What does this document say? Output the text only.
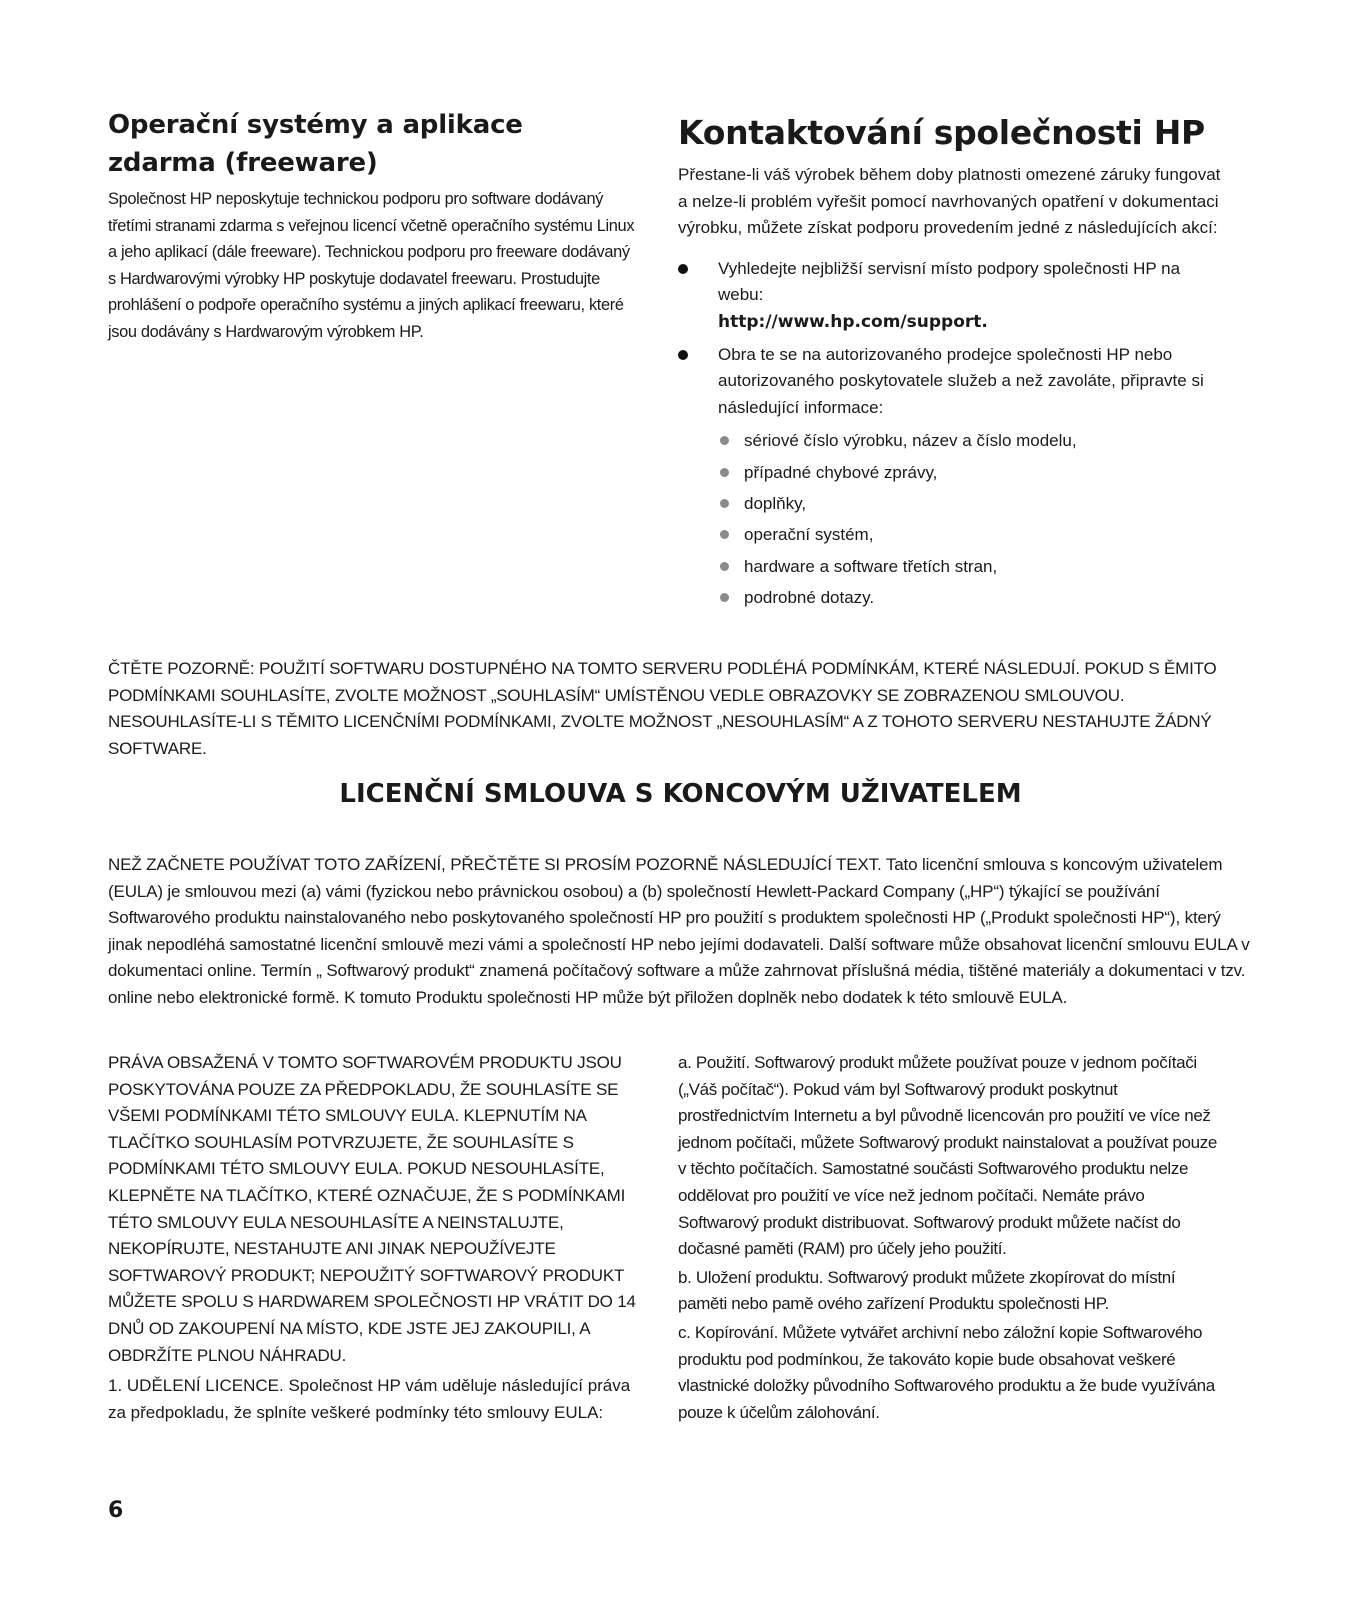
Operační systémy a aplikace zdarma (freeware)

Společnost HP neposkytuje technickou podporu pro software dodávaný třetími stranami zdarma s veřejnou licencí včetně operačního systému Linux a jeho aplikací (dále freeware). Technickou podporu pro freeware dodávaný s Hardwarovými výrobky HP poskytuje dodavatel freewaru. Prostudujte prohlášení o podpoře operačního systému a jiných aplikací freewaru, které jsou dodávány s Hardwarovým výrobkem HP.

Kontaktování společnosti HP

Přestane-li váš výrobek během doby platnosti omezené záruky fungovat a nelze-li problém vyřešit pomocí navrhovaných opatření v dokumentaci výrobku, můžete získat podporu provedením jedné z následujících akcí:

Vyhledejte nejbližší servisní místo podpory společnosti HP na webu:
http://www.hp.com/support.
Obra te se na autorizovaného prodejce společnosti HP nebo autorizovaného poskytovatele služeb a než zavoláte, připravte si následující informace:
sériové číslo výrobku, název a číslo modelu,
případné chybové zprávy,
doplňky,
operační systém,
hardware a software třetích stran,
podrobné dotazy.

ČTĚTE POZORNĚ: POUŽITÍ SOFTWARU DOSTUPNÉHO NA TOMTO SERVERU PODLÉHÁ PODMÍNKÁM, KTERÉ NÁSLEDUJÍ. POKUD S ĚMITO PODMÍNKAMI SOUHLASÍTE, ZVOLTE MOŽNOST „SOUHLASÍM“ UMÍSTĚNOU VEDLE OBRAZOVKY SE ZOBRAZENOU SMLOUVOU. NESOUHLASÍTE-LI S TĚMITO LICENČNÍMI PODMÍNKAMI, ZVOLTE MOŽNOST „NESOUHLASÍM“ A Z TOHOTO SERVERU NESTAHUJTE ŽÁDNÝ SOFTWARE.

LICENČNÍ SMLOUVA S KONCOVÝM UŽIVATELEM

NEŽ ZAČNETE POUŽÍVAT TOTO ZAŘÍZENÍ, PŘEČTĚTE SI PROSÍM POZORNĚ NÁSLEDUJÍCÍ TEXT. Tato licenční smlouva s koncovým uživatelem (EULA) je smlouvou mezi (a) vámi (fyzickou nebo právnickou osobou) a (b) společností Hewlett-Packard Company („HP“) týkající se používání Softwarového produktu nainstalovaného nebo poskytovaného společností HP pro použití s produktem společnosti HP („Produkt společnosti HP“), který jinak nepodléhá samostatné licenční smlouvě mezi vámi a společností HP nebo jejími dodavateli. Další software může obsahovat licenční smlouvu EULA v dokumentaci online. Termín „ Softwarový produkt“ znamená počítačový software a může zahrnovat příslušná média, tištěné materiály a dokumentaci v tzv. online nebo elektronické formě. K tomuto Produktu společnosti HP může být přiložen doplněk nebo dodatek k této smlouvě EULA.

PRÁVA OBSAŽENÁ V TOMTO SOFTWAROVÉM PRODUKTU JSOU POSKYTOVÁNA POUZE ZA PŘEDPOKLADU, ŽE SOUHLASÍTE SE VŠEMI PODMÍNKAMI TÉTO SMLOUVY EULA. KLEPNUTÍM NA TLAČÍTKO SOUHLASÍM POTVRZUJETE, ŽE SOUHLASÍTE S PODMÍNKAMI TÉTO SMLOUVY EULA. POKUD NESOUHLASÍTE, KLEPNĚTE NA TLAČÍTKO, KTERÉ OZNAČUJE, ŽE S PODMÍNKAMI TÉTO SMLOUVY EULA NESOUHLASÍTE A NEINSTALUJTE, NEKOPÍRUJTE, NESTAHUJTE ANI JINAK NEPOUŽÍVEJTE SOFTWAROVÝ PRODUKT; NEPOUŽITÝ SOFTWAROVÝ PRODUKT MŮŽETE SPOLU S HARDWAREM SPOLEČNOSTI HP VRÁTIT DO 14 DNŮ OD ZAKOUPENÍ NA MÍSTO, KDE JSTE JEJ ZAKOUPILI, A OBDRŽÍTE PLNOU NÁHRADU.

1. UDĚLENÍ LICENCE. Společnost HP vám uděluje následující práva za předpokladu, že splníte veškeré podmínky této smlouvy EULA:

a. Použití. Softwarový produkt můžete používat pouze v jednom počítači („Váš počítač“). Pokud vám byl Softwarový produkt poskytnut prostřednictvím Internetu a byl původně licencován pro použití ve více než jednom počítači, můžete Softwarový produkt nainstalovat a používat pouze v těchto počítačích. Samostatné součásti Softwarového produktu nelze oddělovat pro použití ve více než jednom počítači. Nemáte právo Softwarový produkt distribuovat. Softwarový produkt můžete načíst do dočasné paměti (RAM) pro účely jeho použití.

b. Uložení produktu. Softwarový produkt můžete zkopírovat do místní paměti nebo pamě ového zařízení Produktu společnosti HP.

c. Kopírování. Můžete vytvářet archivní nebo záložní kopie Softwarového produktu pod podmínkou, že takováto kopie bude obsahovat veškeré vlastnické doložky původního Softwarového produktu a že bude využívána pouze k účelům zálohování.

6
